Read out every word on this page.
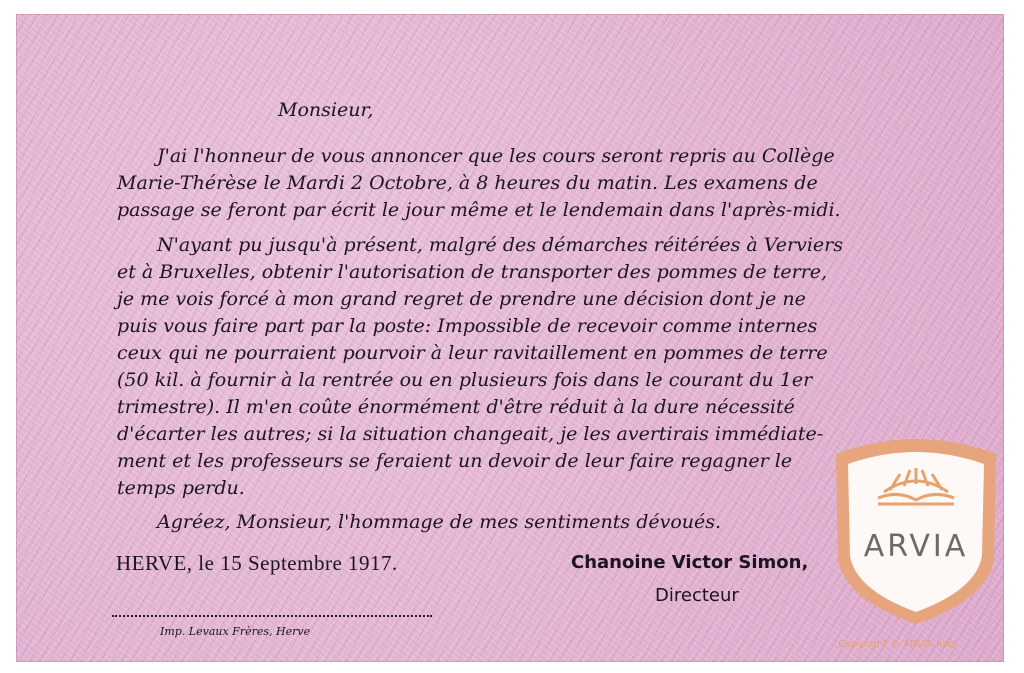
Monsieur,
J'ai l'honneur de vous annoncer que les cours seront repris au Collège
Marie-Thérèse le Mardi 2 Octobre, à 8 heures du matin. Les examens de
passage se feront par écrit le jour même et le lendemain dans l'après-midi.
N'ayant pu jusqu'à présent, malgré des démarches réitérées à Verviers
et à Bruxelles, obtenir l'autorisation de transporter des pommes de terre,
je me vois forcé à mon grand regret de prendre une décision dont je ne
puis vous faire part par la poste: Impossible de recevoir comme internes
ceux qui ne pourraient pourvoir à leur ravitaillement en pommes de terre
(50 kil. à fournir à la rentrée ou en plusieurs fois dans le courant du 1er
trimestre). Il m'en coûte énormément d'être réduit à la dure nécessité
d'écarter les autres; si la situation changeait, je les avertirais immédiate-
ment et les professeurs se feraient un devoir de leur faire regagner le
temps perdu.
Agréez, Monsieur, l'hommage de mes sentiments dévoués.
HERVE, le 15 Septembre 1917.	Chanoine Victor Simon,
Directeur
Imp. Levaux Frères, Herve
ARVIA
Copyright © ARVIA asbl
